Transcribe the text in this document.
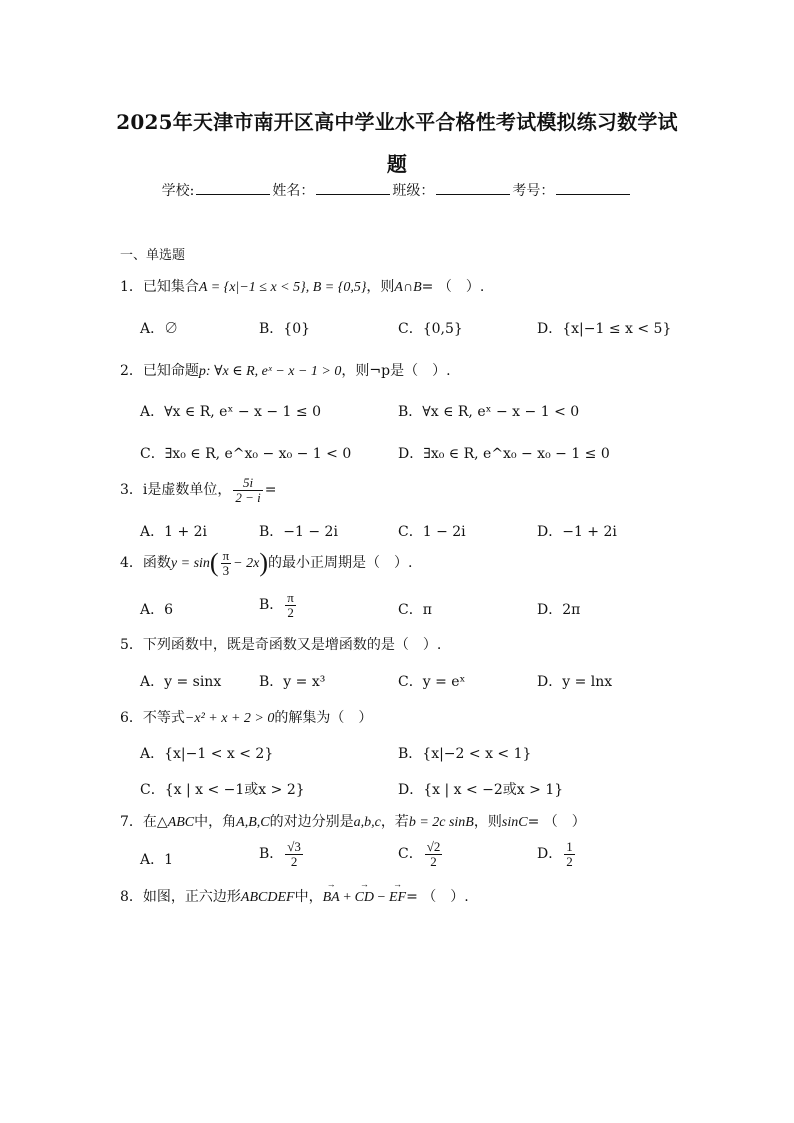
2025年天津市南开区高中学业水平合格性考试模拟练习数学试
题
学校:	姓名：	班级：	考号：
一、单选题
1．已知集合A = {x|−1 ≤ x < 5}, B = {0,5}，则A∩B= （　）.
A．∅	B．{0}	C．{0,5}	D．{x|−1 ≤ x < 5}
2．已知命题p: ∀x ∈ R, eˣ − x − 1 > 0，则¬p是（　）.
A．∀x ∈ R, eˣ − x − 1 ≤ 0	B．∀x ∈ R, eˣ − x − 1 < 0
C．∃x₀ ∈ R, e^x₀ − x₀ − 1 < 0	D．∃x₀ ∈ R, e^x₀ − x₀ − 1 ≤ 0
3．i是虚数单位， $\frac{5i}{2 - i}$ =
A．1 + 2i	B．−1 − 2i	C．1 − 2i	D．−1 + 2i
4．函数$y = \sin( \frac{\pi}{3} - 2x)$的最小正周期是（　）.
A．6	B． $\frac{\pi}{2}$	C．π	D．2π
5．下列函数中，既是奇函数又是增函数的是（　）.
A．y = sinx	B．y = x³	C．y = eˣ	D．y = lnx
6．不等式−x² + x + 2 > 0的解集为（　）
A．{x|−1 < x < 2}	B．{x|−2 < x < 1}
C．{x | x < −1或x > 2}	D．{x | x < −2或x > 1}
7．在△ABC中，角A,B,C的对边分别是a,b,c，若b = 2c sinB，则sinC= （　）
A．1	B． $\frac{√3}{2}$	C． $\frac{√2}{2}$	D． $\frac{1}{2}$
8．如图，正六边形ABCDEF中，→ BA + → CD − → EF= （　）.
